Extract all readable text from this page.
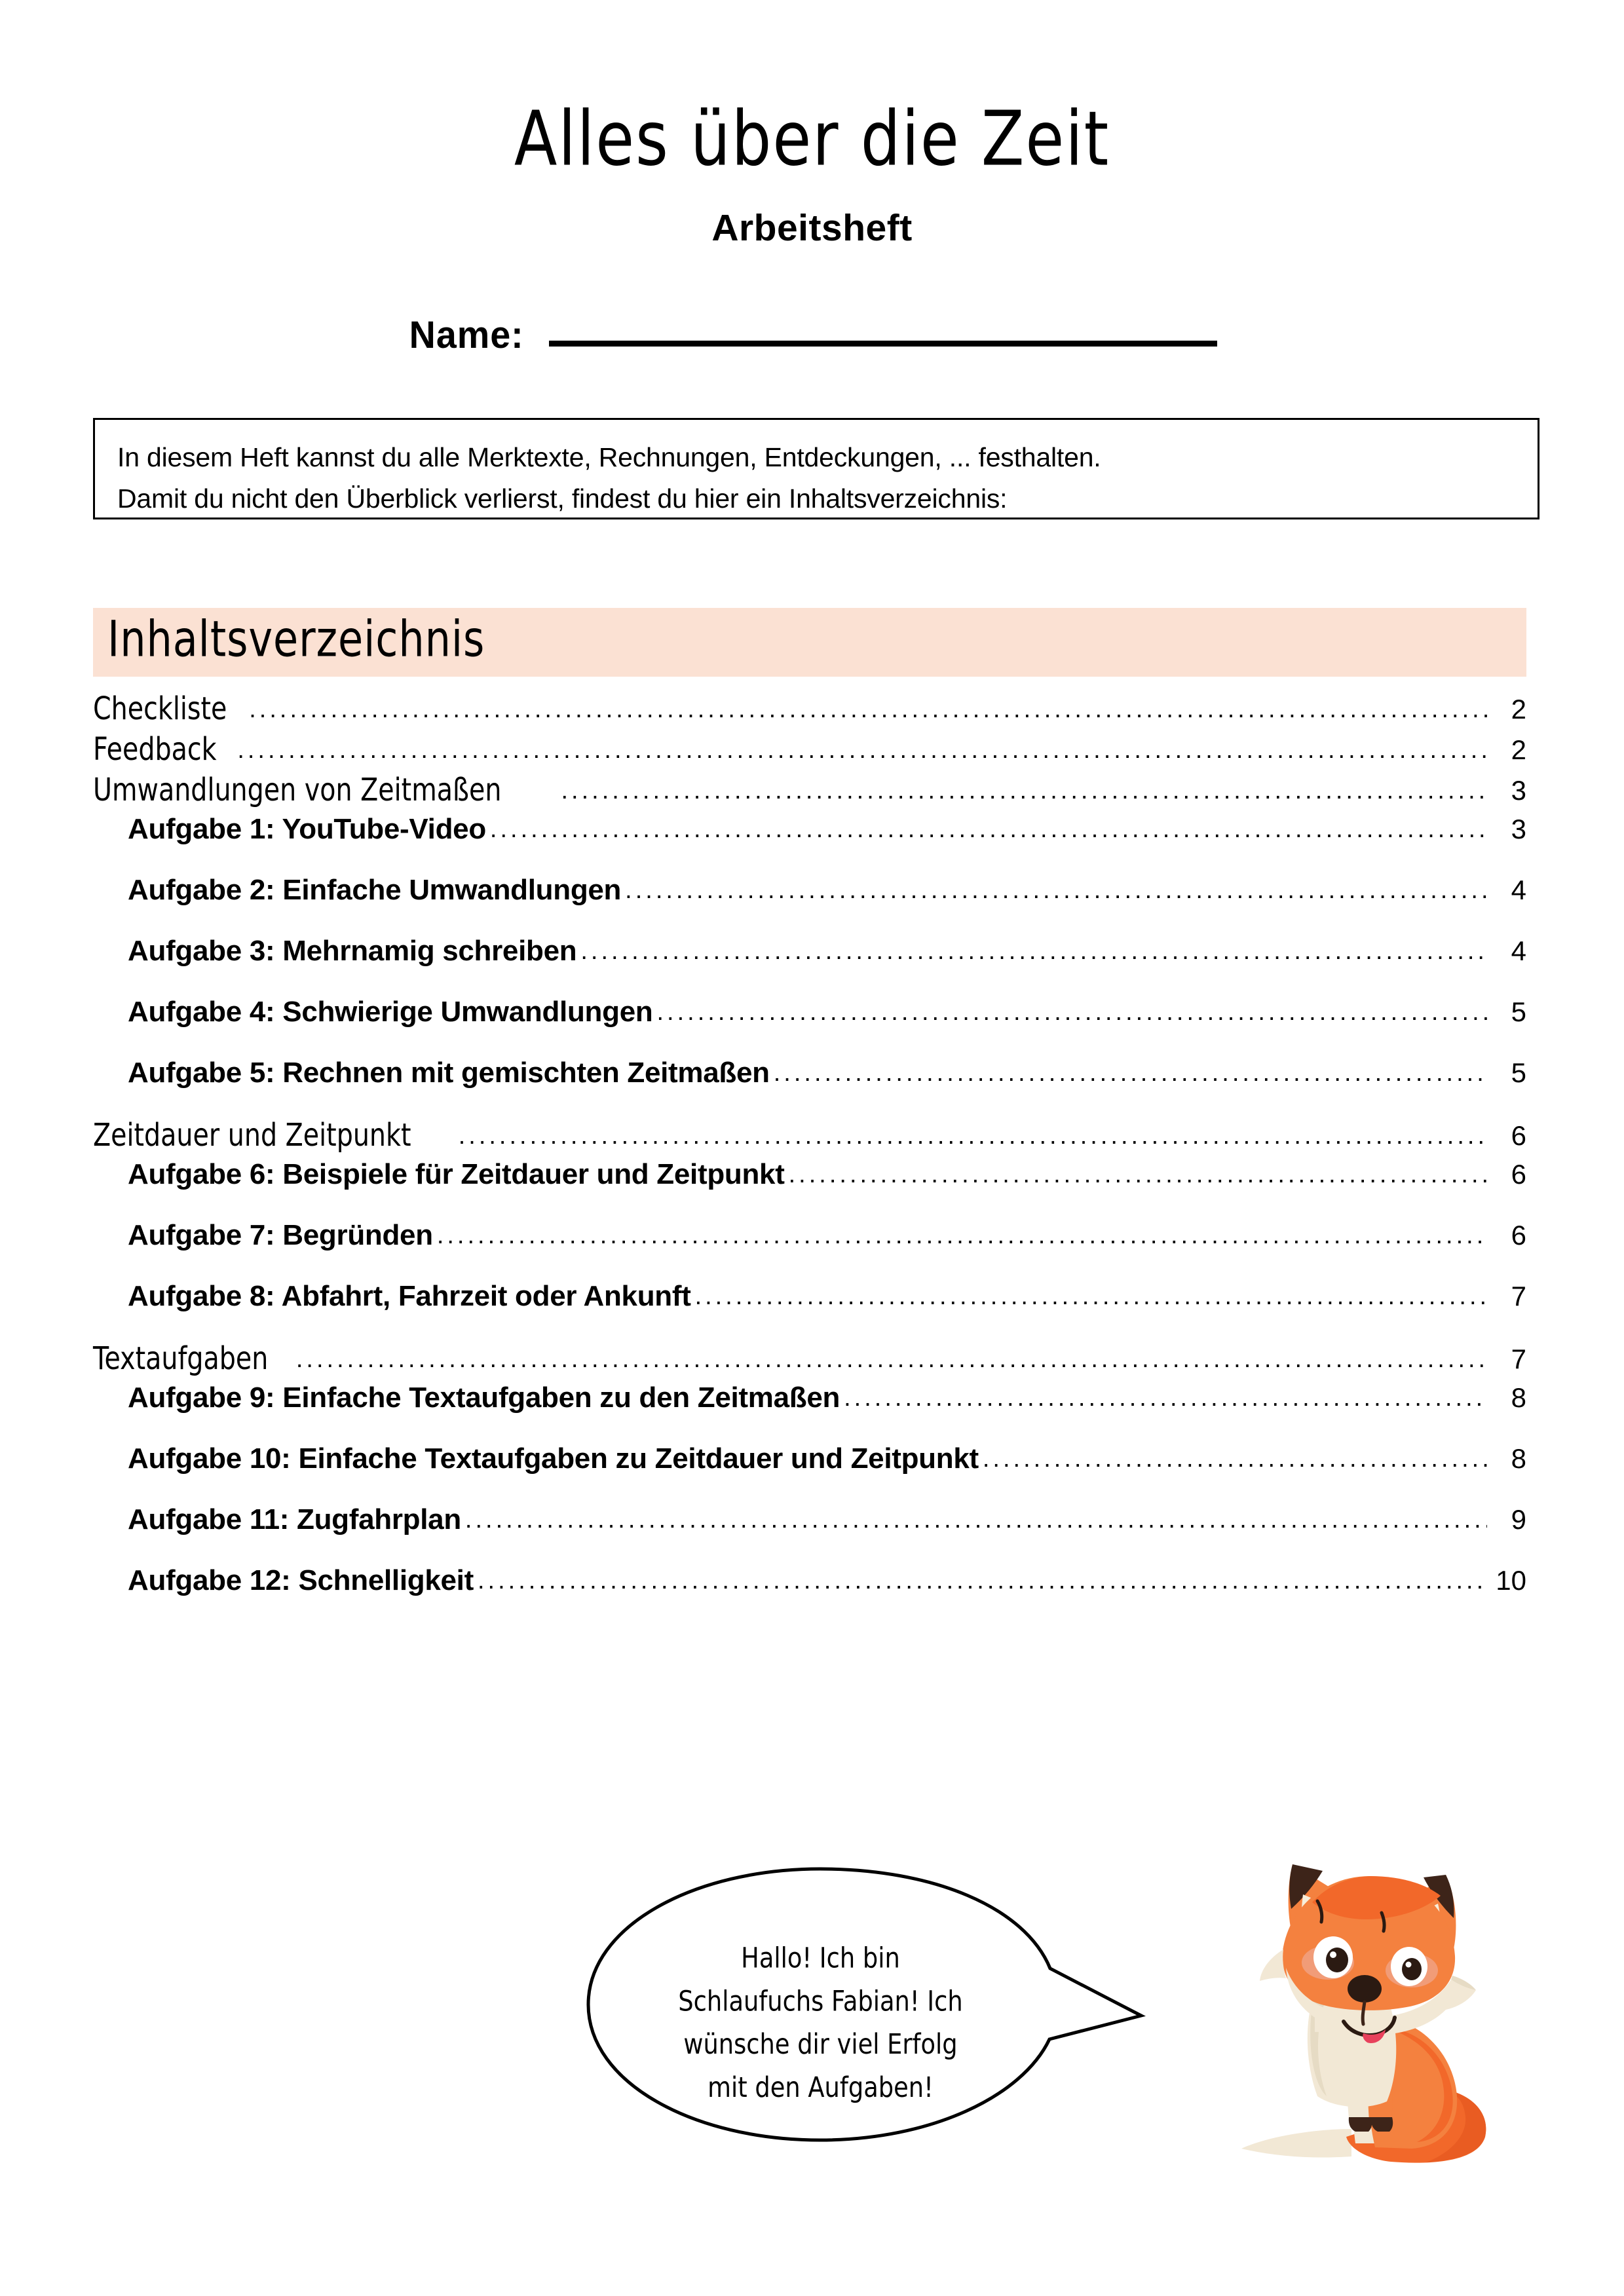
Alles über die Zeit
Arbeitsheft
Name:
In diesem Heft kannst du alle Merktexte, Rechnungen, Entdeckungen, ... festhalten.
Damit du nicht den Überblick verlierst, findest du hier ein Inhaltsverzeichnis:
Inhaltsverzeichnis
Checkliste .....	2
Feedback .....	2
Umwandlungen von Zeitmaßen .....	3
Aufgabe 1: YouTube-Video .....	3
Aufgabe 2: Einfache Umwandlungen .....	4
Aufgabe 3: Mehrnamig schreiben .....	4
Aufgabe 4: Schwierige Umwandlungen .....	5
Aufgabe 5: Rechnen mit gemischten Zeitmaßen .....	5
Zeitdauer und Zeitpunkt .....	6
Aufgabe 6: Beispiele für Zeitdauer und Zeitpunkt .....	6
Aufgabe 7: Begründen .....	6
Aufgabe 8: Abfahrt, Fahrzeit oder Ankunft .....	7
Textaufgaben .....	7
Aufgabe 9: Einfache Textaufgaben zu den Zeitmaßen .....	8
Aufgabe 10: Einfache Textaufgaben zu Zeitdauer und Zeitpunkt .....	8
Aufgabe 11: Zugfahrplan .....	9
Aufgabe 12: Schnelligkeit .....	10
Hallo! Ich bin
Schlaufuchs Fabian! Ich
wünsche dir viel Erfolg
mit den Aufgaben!
